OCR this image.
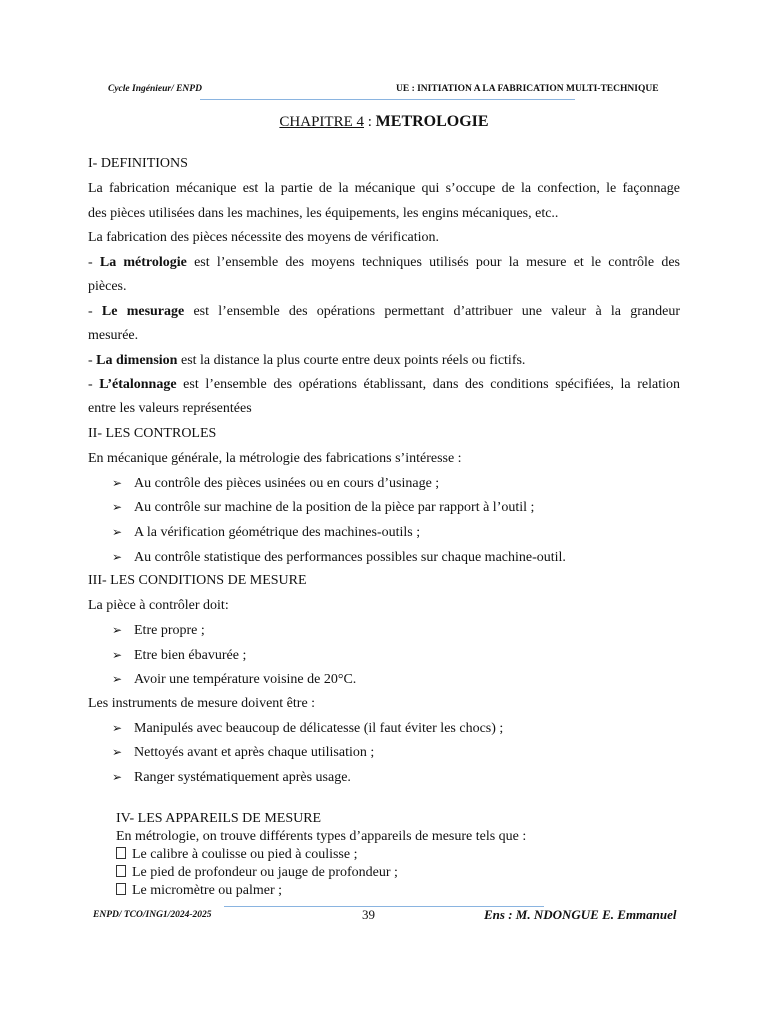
Cycle Ingénieur/ ENPD	UE : INITIATION A LA FABRICATION MULTI-TECHNIQUE
CHAPITRE 4 : METROLOGIE
I- DEFINITIONS
La fabrication mécanique est la partie de la mécanique qui s’occupe de la confection, le façonnage
des pièces utilisées dans les machines, les équipements, les engins mécaniques, etc..
La fabrication des pièces nécessite des moyens de vérification.
- La métrologie est l’ensemble des moyens techniques utilisés pour la mesure et le contrôle des
pièces.
- Le mesurage est l’ensemble des opérations permettant d’attribuer une valeur à la grandeur
mesurée.
- La dimension est la distance la plus courte entre deux points réels ou fictifs.
- L’étalonnage est l’ensemble des opérations établissant, dans des conditions spécifiées, la relation
entre les valeurs représentées
II- LES CONTROLES
En mécanique générale, la métrologie des fabrications s’intéresse :
➢ Au contrôle des pièces usinées ou en cours d’usinage ;
➢ Au contrôle sur machine de la position de la pièce par rapport à l’outil ;
➢ A la vérification géométrique des machines-outils ;
➢ Au contrôle statistique des performances possibles sur chaque machine-outil.
III- LES CONDITIONS DE MESURE
La pièce à contrôler doit:
➢ Etre propre ;
➢ Etre bien ébavurée ;
➢ Avoir une température voisine de 20°C.
Les instruments de mesure doivent être :
➢ Manipulés avec beaucoup de délicatesse (il faut éviter les chocs) ;
➢ Nettoyés avant et après chaque utilisation ;
➢ Ranger systématiquement après usage.
IV- LES APPAREILS DE MESURE
En métrologie, on trouve différents types d’appareils de mesure tels que :
Le calibre à coulisse ou pied à coulisse ;
Le pied de profondeur ou jauge de profondeur ;
Le micromètre ou palmer ;
ENPD/ TCO/ING1/2024-2025	39	Ens : M. NDONGUE E. Emmanuel
